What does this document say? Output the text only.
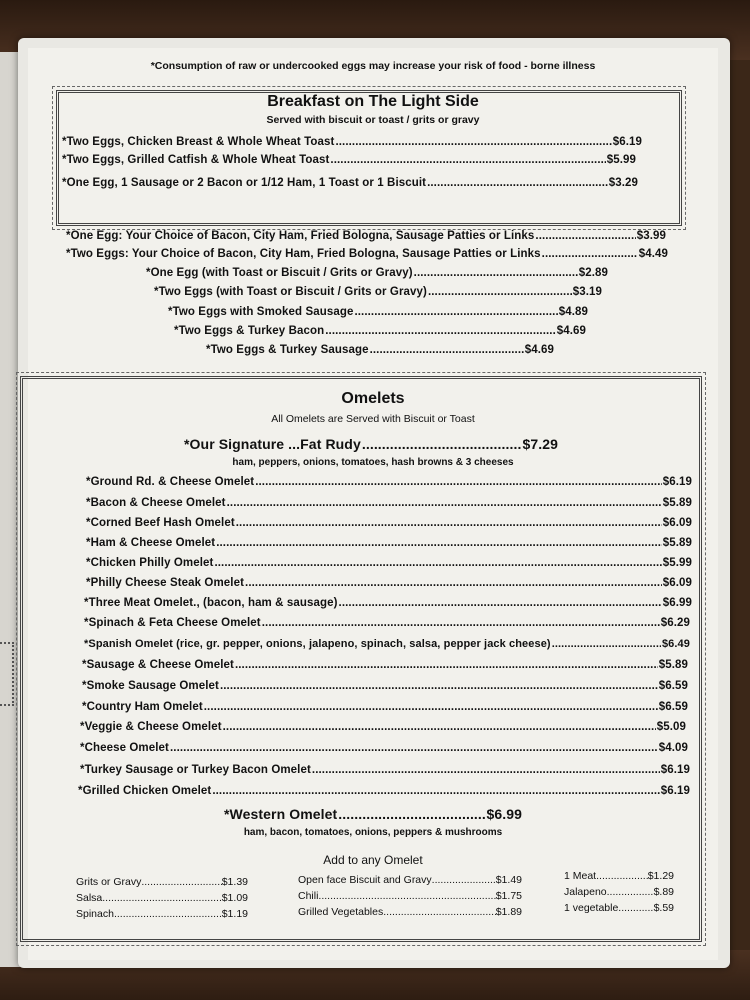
*Consumption of raw or undercooked eggs may increase your risk of food - borne illness
Breakfast on The Light Side
Served with biscuit or toast / grits or gravy
*Two Eggs, Chicken Breast & Whole Wheat Toast .....	$6.19
*Two Eggs, Grilled Catfish & Whole Wheat Toast .....	$5.99
*One Egg, 1 Sausage or 2 Bacon or 1/12 Ham, 1 Toast or 1 Biscuit .....	$3.29
*One Egg: Your Choice of Bacon, City Ham, Fried Bologna, Sausage Patties or Links .....	$3.99
*Two Eggs: Your Choice of Bacon, City Ham, Fried Bologna, Sausage Patties or Links .....	$4.49
*One Egg (with Toast or Biscuit / Grits or Gravy) .....	$2.89
*Two Eggs (with Toast or Biscuit / Grits or Gravy) .....	$3.19
*Two Eggs with Smoked Sausage .....	$4.89
*Two Eggs & Turkey Bacon .....	$4.69
*Two Eggs & Turkey Sausage .....	$4.69
Omelets
All Omelets are Served with Biscuit or Toast
*Our Signature ...Fat Rudy .....	$7.29
ham, peppers, onions, tomatoes, hash browns & 3 cheeses
*Ground Rd. & Cheese Omelet .....	$6.19
*Bacon & Cheese Omelet .....	$5.89
*Corned Beef Hash Omelet .....	$6.09
*Ham & Cheese Omelet .....	$5.89
*Chicken Philly Omelet .....	$5.99
*Philly Cheese Steak Omelet .....	$6.09
*Three Meat Omelet., (bacon, ham & sausage) .....	$6.99
*Spinach & Feta Cheese Omelet .....	$6.29
*Spanish Omelet (rice, gr. pepper, onions, jalapeno, spinach, salsa, pepper jack cheese) .....	$6.49
*Sausage & Cheese Omelet .....	$5.89
*Smoke Sausage Omelet .....	$6.59
*Country Ham Omelet .....	$6.59
*Veggie & Cheese Omelet .....	$5.09
*Cheese Omelet .....	$4.09
*Turkey Sausage or Turkey Bacon Omelet .....	$6.19
*Grilled Chicken Omelet .....	$6.19
*Western Omelet .....	$6.99
ham, bacon, tomatoes, onions, peppers & mushrooms
Add to any Omelet
Grits or Gravy .....	$1.39
Salsa .....	$1.09
Spinach .....	$1.19
Open face Biscuit and Gravy .....	$1.49
Chili .....	$1.75
Grilled Vegetables .....	$1.89
1 Meat .....	$1.29
Jalapeno .....	$.89
1 vegetable .....	$.59
